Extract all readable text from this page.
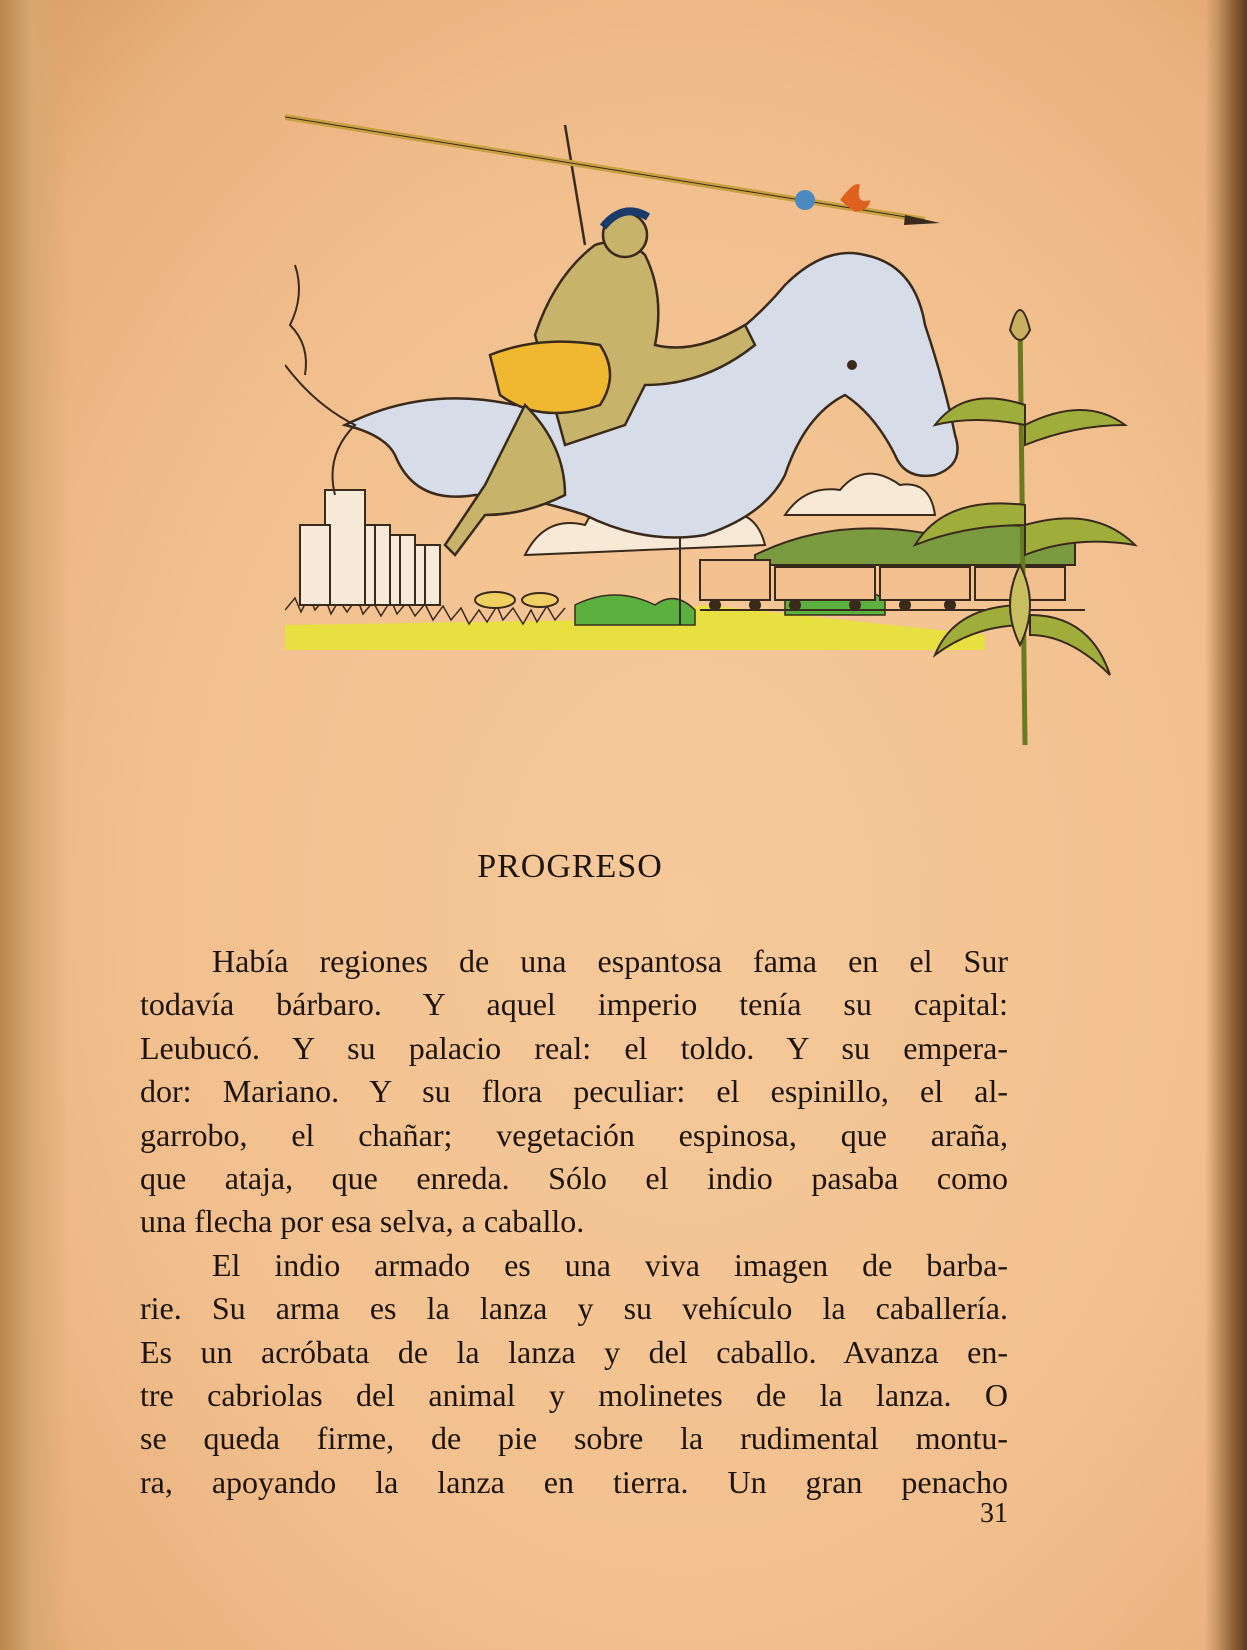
PROGRESO
Había regiones de una espantosa fama en el Sur
todavía bárbaro. Y aquel imperio tenía su capital:
Leubucó. Y su palacio real: el toldo. Y su empera-
dor: Mariano. Y su flora peculiar: el espinillo, el al-
garrobo, el chañar; vegetación espinosa, que araña,
que ataja, que enreda. Sólo el indio pasaba como
una flecha por esa selva, a caballo.
El indio armado es una viva imagen de barba-
rie. Su arma es la lanza y su vehículo la caballería.
Es un acróbata de la lanza y del caballo. Avanza en-
tre cabriolas del animal y molinetes de la lanza. O
se queda firme, de pie sobre la rudimental montu-
ra, apoyando la lanza en tierra. Un gran penacho
31
